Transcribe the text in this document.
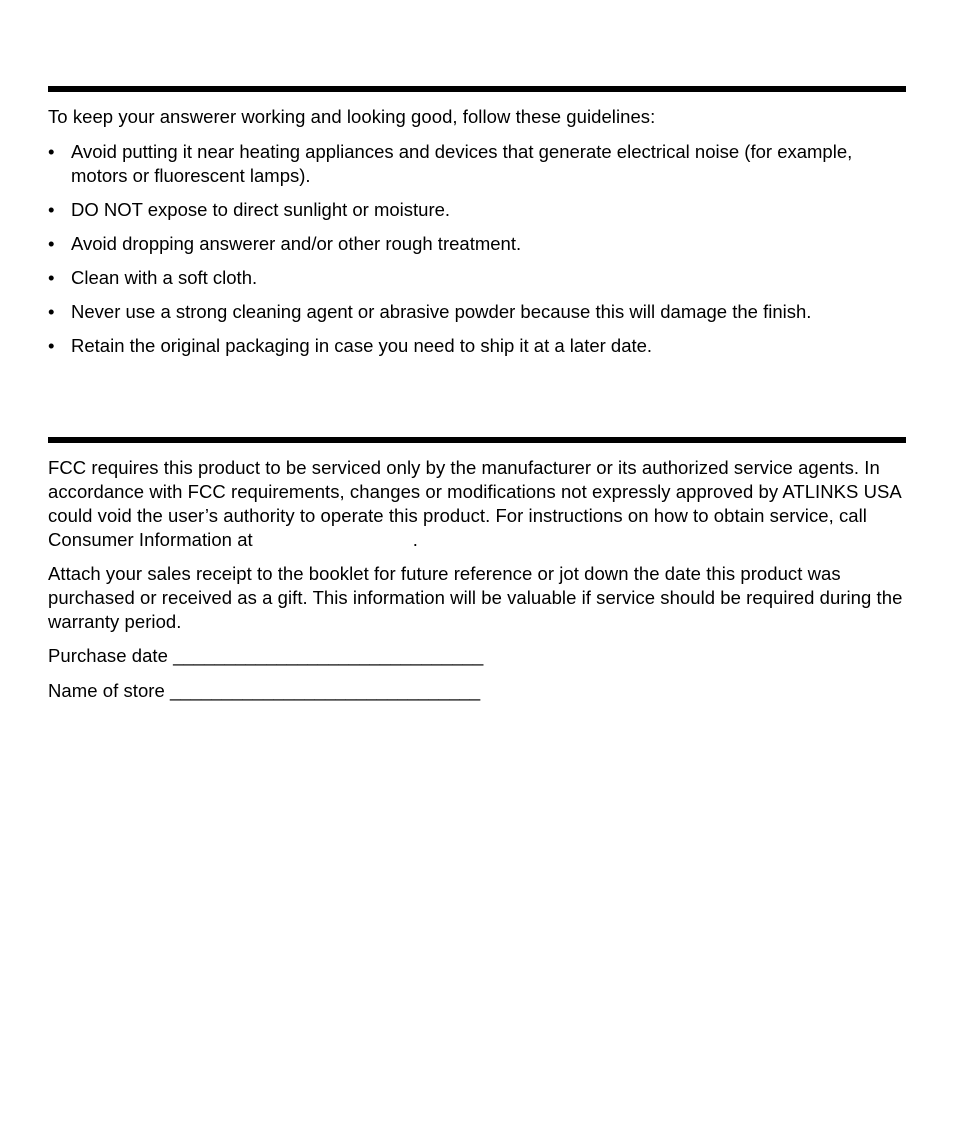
To keep your answerer working and looking good, follow these guidelines:
• Avoid putting it near heating appliances and devices that generate electrical noise (for example, motors or fluorescent lamps).
• DO NOT expose to direct sunlight or moisture.
• Avoid dropping answerer and/or other rough treatment.
• Clean with a soft cloth.
• Never use a strong cleaning agent or abrasive powder because this will damage the finish.
• Retain the original packaging in case you need to ship it at a later date.
FCC requires this product to be serviced only by the manufacturer or its authorized service agents. In accordance with FCC requirements, changes or modifications not expressly approved by ATLINKS USA could void the user’s authority to operate this product. For instructions on how to obtain service, call Consumer Information at	.
Attach your sales receipt to the booklet for future reference or jot down the date this product was purchased or received as a gift. This information will be valuable if service should be required during the warranty period.
Purchase date ______________________________
Name of store ______________________________
